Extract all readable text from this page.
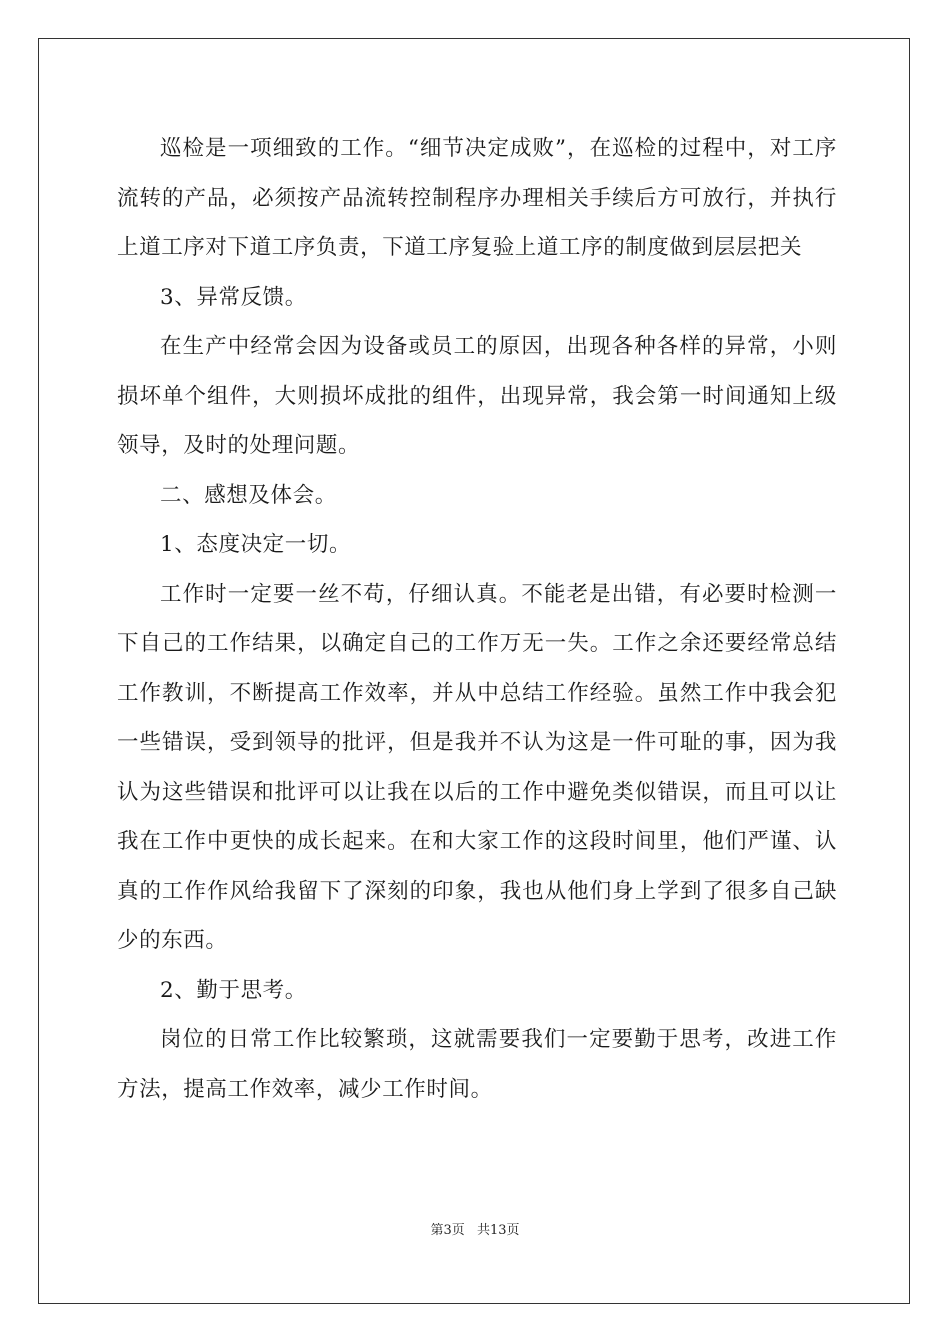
巡检是一项细致的工作。“细节决定成败”，在巡检的过程中，对工序流转的产品，必须按产品流转控制程序办理相关手续后方可放行，并执行上道工序对下道工序负责，下道工序复验上道工序的制度做到层层把关

3、异常反馈。

在生产中经常会因为设备或员工的原因，出现各种各样的异常，小则损坏单个组件，大则损坏成批的组件，出现异常，我会第一时间通知上级领导，及时的处理问题。

二、感想及体会。

1、态度决定一切。

工作时一定要一丝不苟，仔细认真。不能老是出错，有必要时检测一下自己的工作结果，以确定自己的工作万无一失。工作之余还要经常总结工作教训，不断提高工作效率，并从中总结工作经验。虽然工作中我会犯一些错误，受到领导的批评，但是我并不认为这是一件可耻的事，因为我认为这些错误和批评可以让我在以后的工作中避免类似错误，而且可以让我在工作中更快的成长起来。在和大家工作的这段时间里，他们严谨、认真的工作作风给我留下了深刻的印象，我也从他们身上学到了很多自己缺少的东西。

2、勤于思考。

岗位的日常工作比较繁琐，这就需要我们一定要勤于思考，改进工作方法，提高工作效率，减少工作时间。

第3页 共13页
